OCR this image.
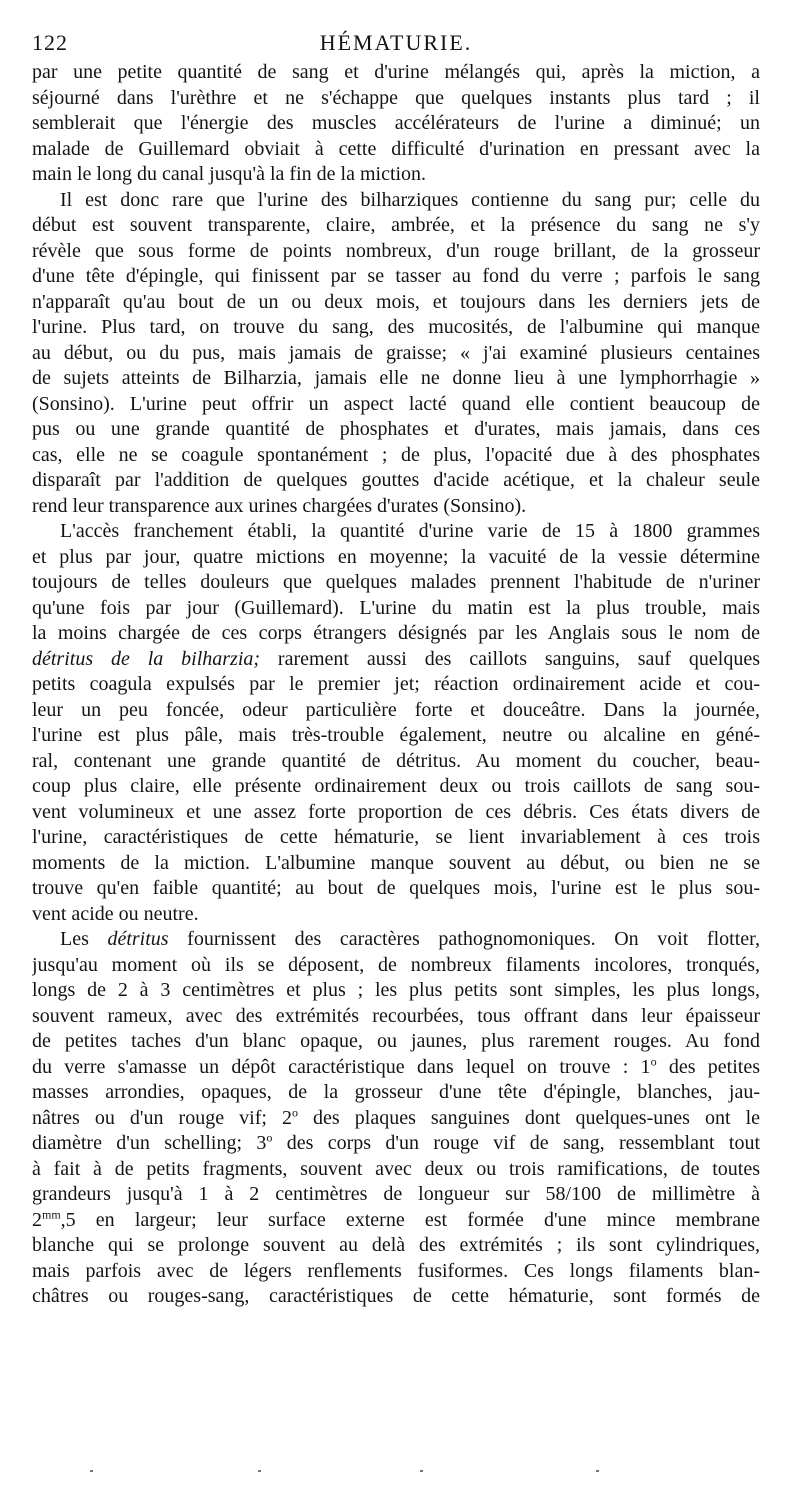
122	HÉMATURIE.
par une petite quantité de sang et d'urine mélangés qui, après la miction, a
séjourné dans l'urèthre et ne s'échappe que quelques instants plus tard ; il
semblerait que l'énergie des muscles accélérateurs de l'urine a diminué; un
malade de Guillemard obviait à cette difficulté d'urination en pressant avec la
main le long du canal jusqu'à la fin de la miction.
Il est donc rare que l'urine des bilharziques contienne du sang pur; celle du
début est souvent transparente, claire, ambrée, et la présence du sang ne s'y
révèle que sous forme de points nombreux, d'un rouge brillant, de la grosseur
d'une tête d'épingle, qui finissent par se tasser au fond du verre ; parfois le sang
n'apparaît qu'au bout de un ou deux mois, et toujours dans les derniers jets de
l'urine. Plus tard, on trouve du sang, des mucosités, de l'albumine qui manque
au début, ou du pus, mais jamais de graisse; « j'ai examiné plusieurs centaines
de sujets atteints de Bilharzia, jamais elle ne donne lieu à une lymphorrhagie »
(Sonsino). L'urine peut offrir un aspect lacté quand elle contient beaucoup de
pus ou une grande quantité de phosphates et d'urates, mais jamais, dans ces
cas, elle ne se coagule spontanément ; de plus, l'opacité due à des phosphates
disparaît par l'addition de quelques gouttes d'acide acétique, et la chaleur seule
rend leur transparence aux urines chargées d'urates (Sonsino).
L'accès franchement établi, la quantité d'urine varie de 15 à 1800 grammes
et plus par jour, quatre mictions en moyenne; la vacuité de la vessie détermine
toujours de telles douleurs que quelques malades prennent l'habitude de n'uriner
qu'une fois par jour (Guillemard). L'urine du matin est la plus trouble, mais
la moins chargée de ces corps étrangers désignés par les Anglais sous le nom de
détritus de la bilharzia; rarement aussi des caillots sanguins, sauf quelques
petits coagula expulsés par le premier jet; réaction ordinairement acide et cou-
leur un peu foncée, odeur particulière forte et douceâtre. Dans la journée,
l'urine est plus pâle, mais très-trouble également, neutre ou alcaline en géné-
ral, contenant une grande quantité de détritus. Au moment du coucher, beau-
coup plus claire, elle présente ordinairement deux ou trois caillots de sang sou-
vent volumineux et une assez forte proportion de ces débris. Ces états divers de
l'urine, caractéristiques de cette hématurie, se lient invariablement à ces trois
moments de la miction. L'albumine manque souvent au début, ou bien ne se
trouve qu'en faible quantité; au bout de quelques mois, l'urine est le plus sou-
vent acide ou neutre.
Les détritus fournissent des caractères pathognomoniques. On voit flotter,
jusqu'au moment où ils se déposent, de nombreux filaments incolores, tronqués,
longs de 2 à 3 centimètres et plus ; les plus petits sont simples, les plus longs,
souvent rameux, avec des extrémités recourbées, tous offrant dans leur épaisseur
de petites taches d'un blanc opaque, ou jaunes, plus rarement rouges. Au fond
du verre s'amasse un dépôt caractéristique dans lequel on trouve : 1$^o$ des petites
masses arrondies, opaques, de la grosseur d'une tête d'épingle, blanches, jau-
nâtres ou d'un rouge vif; 2$^o$ des plaques sanguines dont quelques-unes ont le
diamètre d'un schelling; 3$^o$ des corps d'un rouge vif de sang, ressemblant tout
à fait à de petits fragments, souvent avec deux ou trois ramifications, de toutes
grandeurs jusqu'à 1 à 2 centimètres de longueur sur 58/100 de millimètre à
$2^{mm},5$ en largeur; leur surface externe est formée d'une mince membrane
blanche qui se prolonge souvent au delà des extrémités ; ils sont cylindriques,
mais parfois avec de légers renflements fusiformes. Ces longs filaments blan-
châtres ou rouges-sang, caractéristiques de cette hématurie, sont formés de
